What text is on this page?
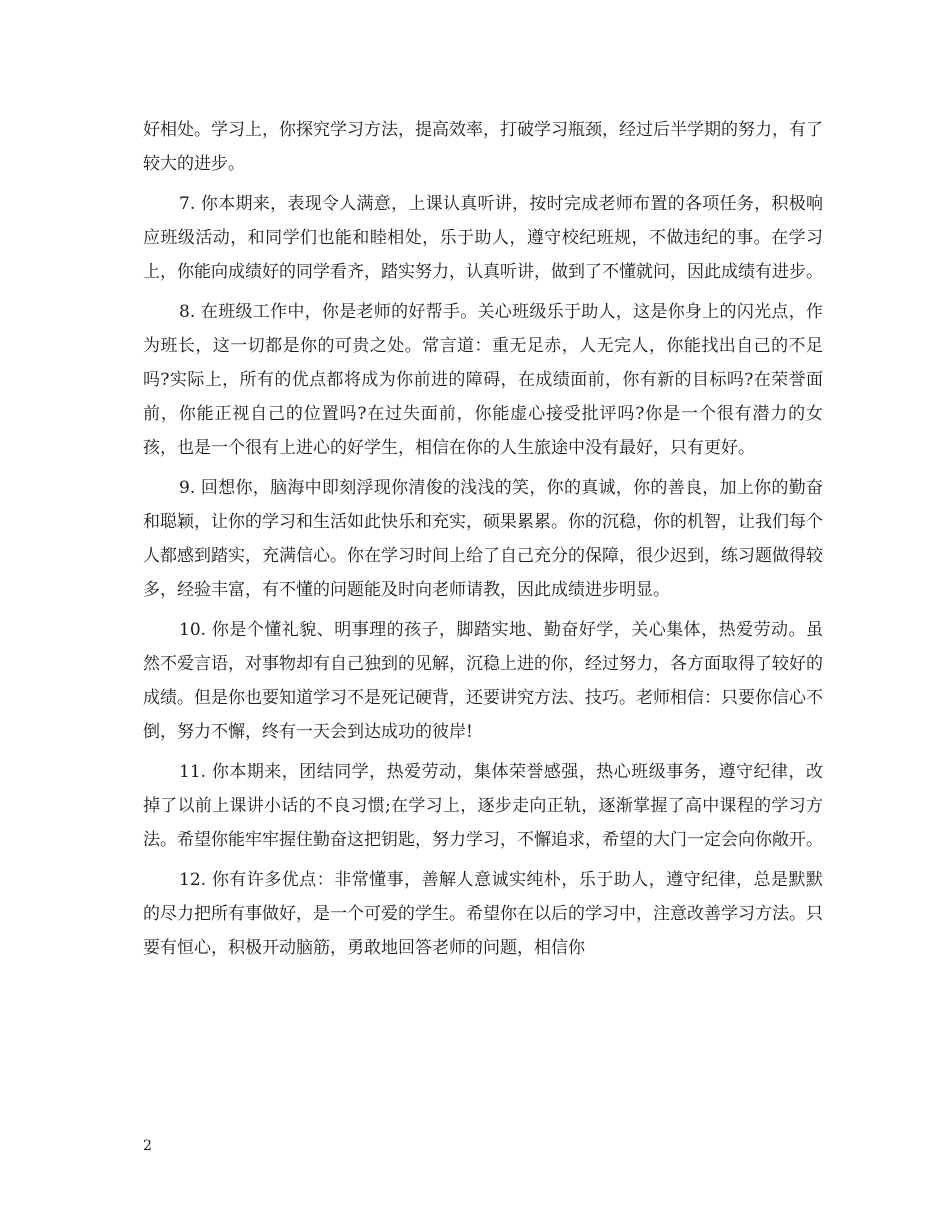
好相处。学习上，你探究学习方法，提高效率，打破学习瓶颈，经过后半学期的努力，有了较大的进步。

7. 你本期来，表现令人满意，上课认真听讲，按时完成老师布置的各项任务，积极响应班级活动，和同学们也能和睦相处，乐于助人，遵守校纪班规，不做违纪的事。在学习上，你能向成绩好的同学看齐，踏实努力，认真听讲，做到了不懂就问，因此成绩有进步。

8. 在班级工作中，你是老师的好帮手。关心班级乐于助人，这是你身上的闪光点，作为班长，这一切都是你的可贵之处。常言道：重无足赤，人无完人，你能找出自己的不足吗?实际上，所有的优点都将成为你前进的障碍，在成绩面前，你有新的目标吗?在荣誉面前，你能正视自己的位置吗?在过失面前，你能虚心接受批评吗?你是一个很有潜力的女孩，也是一个很有上进心的好学生，相信在你的人生旅途中没有最好，只有更好。

9. 回想你，脑海中即刻浮现你清俊的浅浅的笑，你的真诚，你的善良，加上你的勤奋和聪颖，让你的学习和生活如此快乐和充实，硕果累累。你的沉稳，你的机智，让我们每个人都感到踏实，充满信心。你在学习时间上给了自己充分的保障，很少迟到，练习题做得较多，经验丰富，有不懂的问题能及时向老师请教，因此成绩进步明显。

10. 你是个懂礼貌、明事理的孩子，脚踏实地、勤奋好学，关心集体，热爱劳动。虽然不爱言语，对事物却有自己独到的见解，沉稳上进的你，经过努力，各方面取得了较好的成绩。但是你也要知道学习不是死记硬背，还要讲究方法、技巧。老师相信：只要你信心不倒，努力不懈，终有一天会到达成功的彼岸!

11. 你本期来，团结同学，热爱劳动，集体荣誉感强，热心班级事务，遵守纪律，改掉了以前上课讲小话的不良习惯;在学习上，逐步走向正轨，逐渐掌握了高中课程的学习方法。希望你能牢牢握住勤奋这把钥匙，努力学习，不懈追求，希望的大门一定会向你敞开。

12. 你有许多优点：非常懂事，善解人意诚实纯朴，乐于助人，遵守纪律，总是默默的尽力把所有事做好，是一个可爱的学生。希望你在以后的学习中，注意改善学习方法。只要有恒心，积极开动脑筋，勇敢地回答老师的问题，相信你

2
